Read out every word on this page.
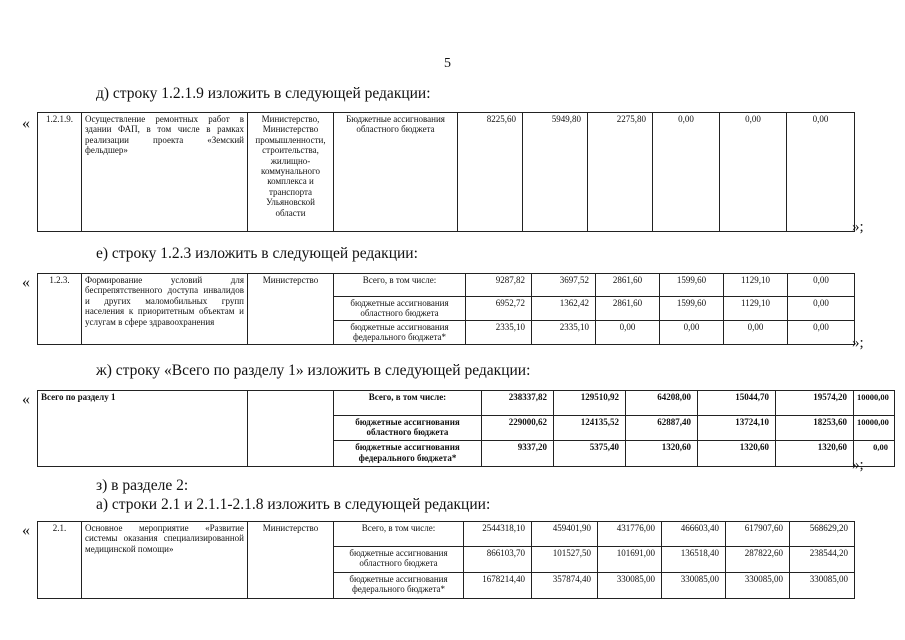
5
д) строку 1.2.1.9 изложить в следующей редакции:
« 1.2.1.9.	Осуществление ремонтных работ в здании ФАП, в том числе в рамках реализации проекта «Земский фельдшер»	Министерство, Министерство промышленности, строительства, жилищно-коммунального комплекса и транспорта Ульяновской области	Бюджетные ассигнования областного бюджета	8225,60	5949,80	2275,80	0,00	0,00	0,00
»;
е) строку 1.2.3 изложить в следующей редакции:
« 1.2.3.	Формирование условий для беспрепятственного доступа инвалидов и других маломобильных групп населения к приоритетным объектам и услугам в сфере здравоохранения	Министерство	Всего, в том числе:	9287,82	3697,52	2861,60	1599,60	1129,10	0,00
			бюджетные ассигнования областного бюджета	6952,72	1362,42	2861,60	1599,60	1129,10	0,00
			бюджетные ассигнования федерального бюджета*	2335,10	2335,10	0,00	0,00	0,00	0,00
»;
ж) строку «Всего по разделу 1» изложить в следующей редакции:
« Всего по разделу 1		Всего, в том числе:	238337,82	129510,92	64208,00	15044,70	19574,20	10000,00
		бюджетные ассигнования областного бюджета	229000,62	124135,52	62887,40	13724,10	18253,60	10000,00
		бюджетные ассигнования федерального бюджета*	9337,20	5375,40	1320,60	1320,60	1320,60	0,00
»;
з) в разделе 2:
а) строки 2.1 и 2.1.1-2.1.8 изложить в следующей редакции:
«	2.1.	Основное мероприятие «Развитие системы оказания специализированной медицинской помощи»	Министерство	Всего, в том числе:	2544318,10	459401,90	431776,00	466603,40	617907,60	568629,20
			бюджетные ассигнования областного бюджета	866103,70	101527,50	101691,00	136518,40	287822,60	238544,20
			бюджетные ассигнования федерального бюджета*	1678214,40	357874,40	330085,00	330085,00	330085,00	330085,00
